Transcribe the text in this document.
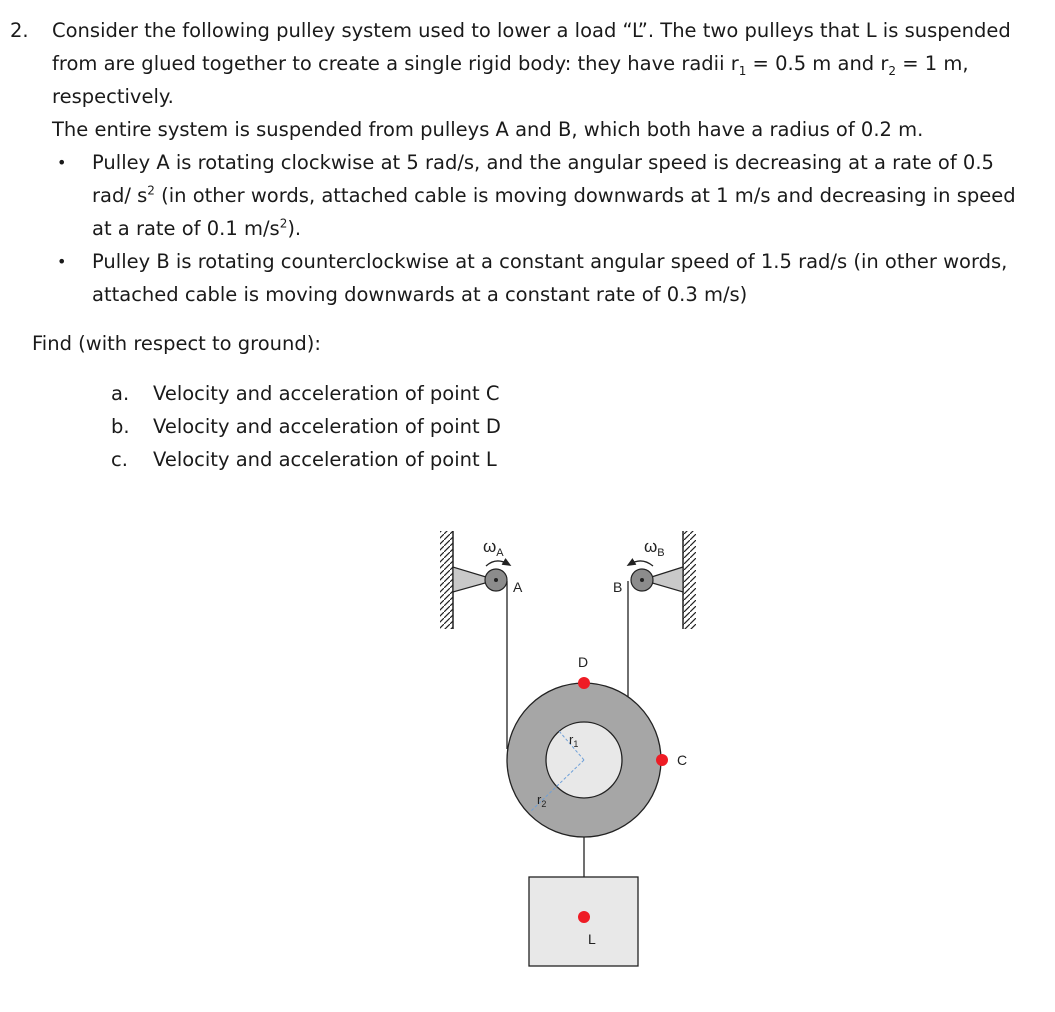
2. Consider the following pulley system used to lower a load “L”. The two pulleys that L is suspended
from are glued together to create a single rigid body: they have radii $r_1 = 0.5$ m and $r_2 = 1$ m,
respectively.
The entire system is suspended from pulleys A and B, which both have a radius of 0.2 m.
• Pulley A is rotating clockwise at 5 rad/s, and the angular speed is decreasing at a rate of 0.5
rad/ $s^2$ (in other words, attached cable is moving downwards at 1 m/s and decreasing in speed
at a rate of 0.1 $m/s^2$).
• Pulley B is rotating counterclockwise at a constant angular speed of 1.5 rad/s (in other words,
attached cable is moving downwards at a constant rate of 0.3 m/s)
Find (with respect to ground):
a. Velocity and acceleration of point C
b. Velocity and acceleration of point D
c. Velocity and acceleration of point L
$\omega_A$	$\omega_B$
A	B
$r_1$
$r_2$
D
C
L
